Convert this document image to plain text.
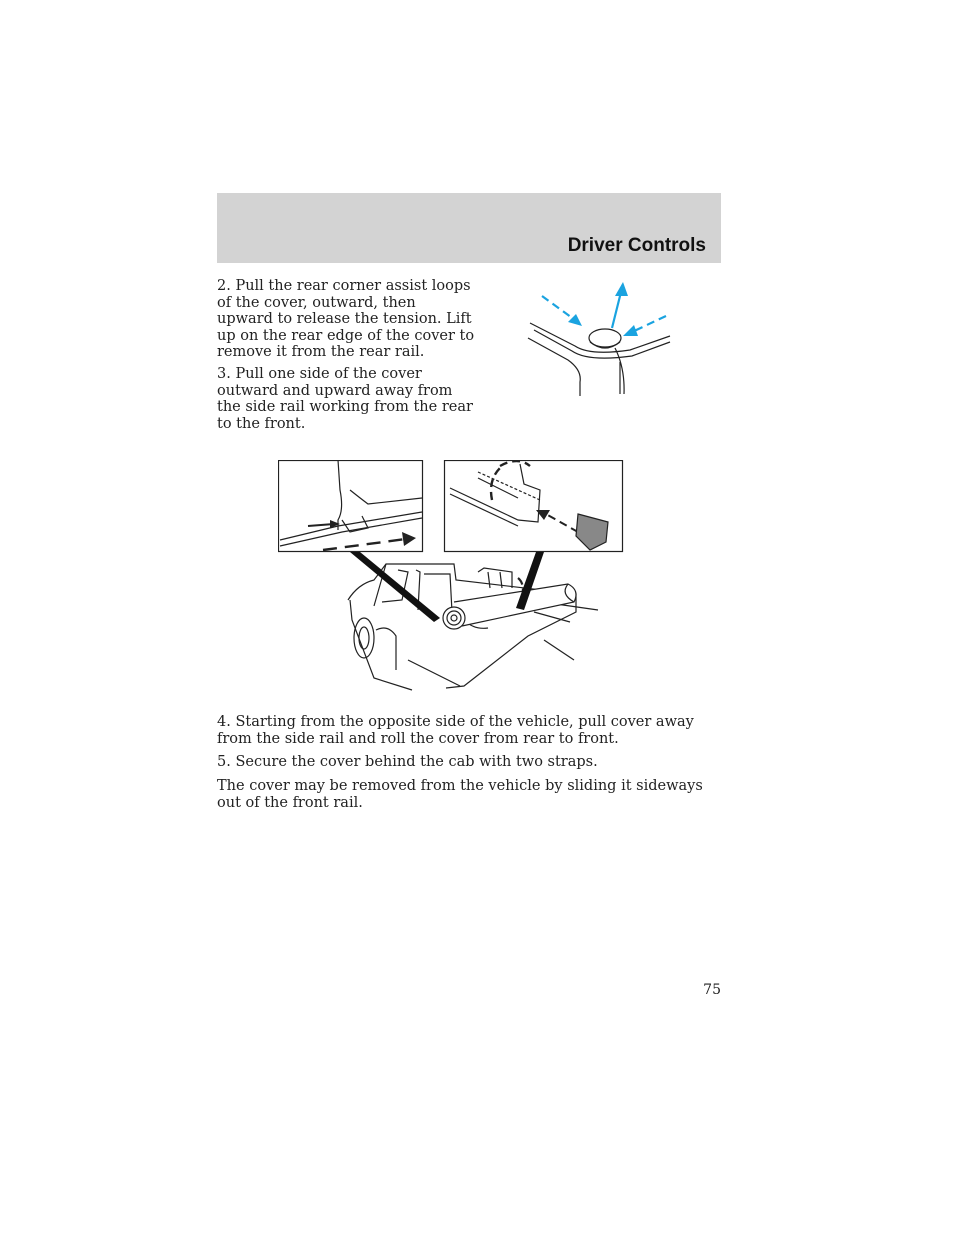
Driver Controls

2. Pull the rear corner assist loops of the cover, outward, then upward to release the tension. Lift up on the rear edge of the cover to remove it from the rear rail.

3. Pull one side of the cover outward and upward away from the side rail working from the rear to the front.

4. Starting from the opposite side of the vehicle, pull cover away from the side rail and roll the cover from rear to front.

5. Secure the cover behind the cab with two straps.

The cover may be removed from the vehicle by sliding it sideways out of the front rail.

75
